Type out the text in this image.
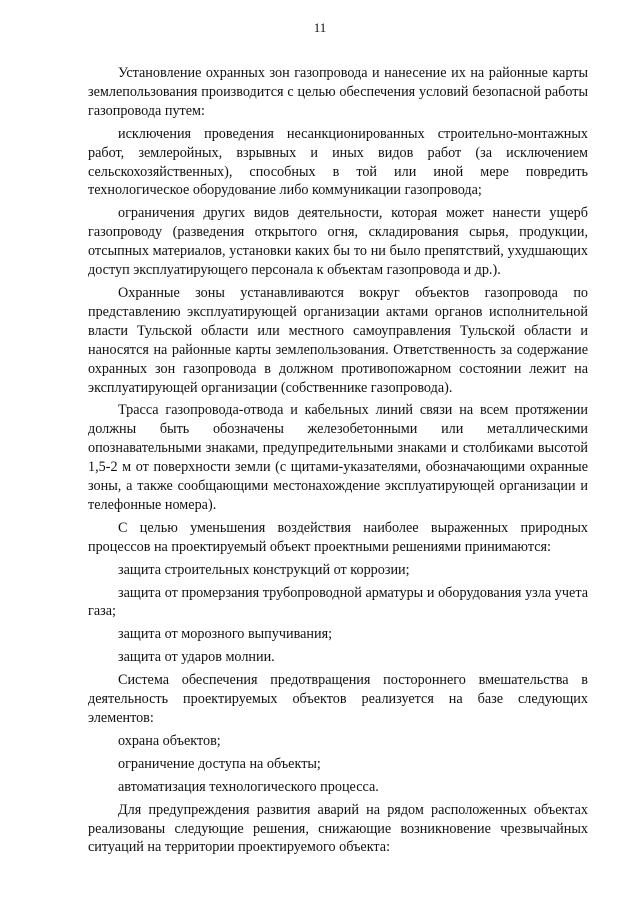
11

Установление охранных зон газопровода и нанесение их на районные карты землепользования производится с целью обеспечения условий безопасной работы газопровода путем:

исключения проведения несанкционированных строительно-монтажных работ, землеройных, взрывных и иных видов работ (за исключением сельскохозяйственных), способных в той или иной мере повредить технологическое оборудование либо коммуникации газопровода;

ограничения других видов деятельности, которая может нанести ущерб газопроводу (разведения открытого огня, складирования сырья, продукции, отсыпных материалов, установки каких бы то ни было препятствий, ухудшающих доступ эксплуатирующего персонала к объектам газопровода и др.).

Охранные зоны устанавливаются вокруг объектов газопровода по представлению эксплуатирующей организации актами органов исполнительной власти Тульской области или местного самоуправления Тульской области и наносятся на районные карты землепользования. Ответственность за содержание охранных зон газопровода в должном противопожарном состоянии лежит на эксплуатирующей организации (собственнике газопровода).

Трасса газопровода-отвода и кабельных линий связи на всем протяжении должны быть обозначены железобетонными или металлическими опознавательными знаками, предупредительными знаками и столбиками высотой 1,5-2 м от поверхности земли (с щитами-указателями, обозначающими охранные зоны, а также сообщающими местонахождение эксплуатирующей организации и телефонные номера).

С целью уменьшения воздействия наиболее выраженных природных процессов на проектируемый объект проектными решениями принимаются:

защита строительных конструкций от коррозии;

защита от промерзания трубопроводной арматуры и оборудования узла учета газа;

защита от морозного выпучивания;

защита от ударов молнии.

Система обеспечения предотвращения постороннего вмешательства в деятельность проектируемых объектов реализуется на базе следующих элементов:

охрана объектов;

ограничение доступа на объекты;

автоматизация технологического процесса.

Для предупреждения развития аварий на рядом расположенных объектах реализованы следующие решения, снижающие возникновение чрезвычайных ситуаций на территории проектируемого объекта:
